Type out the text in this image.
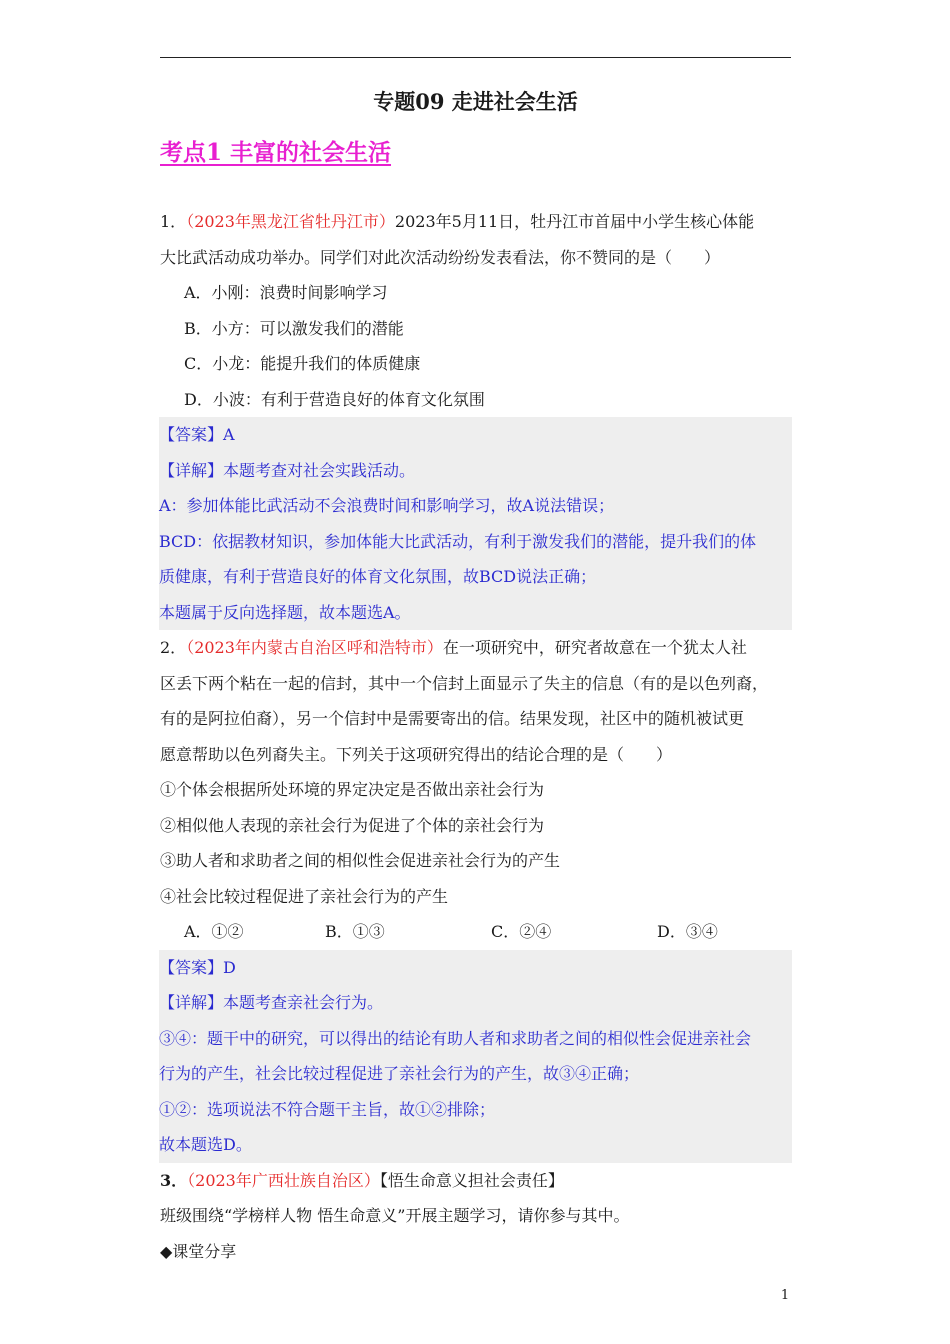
专题09 走进社会生活
考点1 丰富的社会生活

1．（2023年黑龙江省牡丹江市）2023年5月11日，牡丹江市首届中小学生核心体能

大比武活动成功举办。同学们对此次活动纷纷发表看法，你不赞同的是（　　）

A．小刚：浪费时间影响学习

B．小方：可以激发我们的潜能

C．小龙：能提升我们的体质健康

D．小波：有利于营造良好的体育文化氛围

【答案】A

【详解】本题考查对社会实践活动。

A：参加体能比武活动不会浪费时间和影响学习，故A说法错误；

BCD：依据教材知识，参加体能大比武活动，有利于激发我们的潜能，提升我们的体

质健康，有利于营造良好的体育文化氛围，故BCD说法正确；

本题属于反向选择题，故本题选A。

2．（2023年内蒙古自治区呼和浩特市）在一项研究中，研究者故意在一个犹太人社

区丢下两个粘在一起的信封，其中一个信封上面显示了失主的信息（有的是以色列裔，

有的是阿拉伯裔），另一个信封中是需要寄出的信。结果发现，社区中的随机被试更

愿意帮助以色列裔失主。下列关于这项研究得出的结论合理的是（　　）

①个体会根据所处环境的界定决定是否做出亲社会行为

②相似他人表现的亲社会行为促进了个体的亲社会行为

③助人者和求助者之间的相似性会促进亲社会行为的产生

④社会比较过程促进了亲社会行为的产生

A．①②	B．①③	C．②④	D．③④

【答案】D

【详解】本题考查亲社会行为。

③④：题干中的研究，可以得出的结论有助人者和求助者之间的相似性会促进亲社会

行为的产生，社会比较过程促进了亲社会行为的产生，故③④正确；

①②：选项说法不符合题干主旨，故①②排除；

故本题选D。

3．（2023年广西壮族自治区）【悟生命意义担社会责任】

班级围绕“学榜样人物 悟生命意义”开展主题学习，请你参与其中。

◆课堂分享

1
